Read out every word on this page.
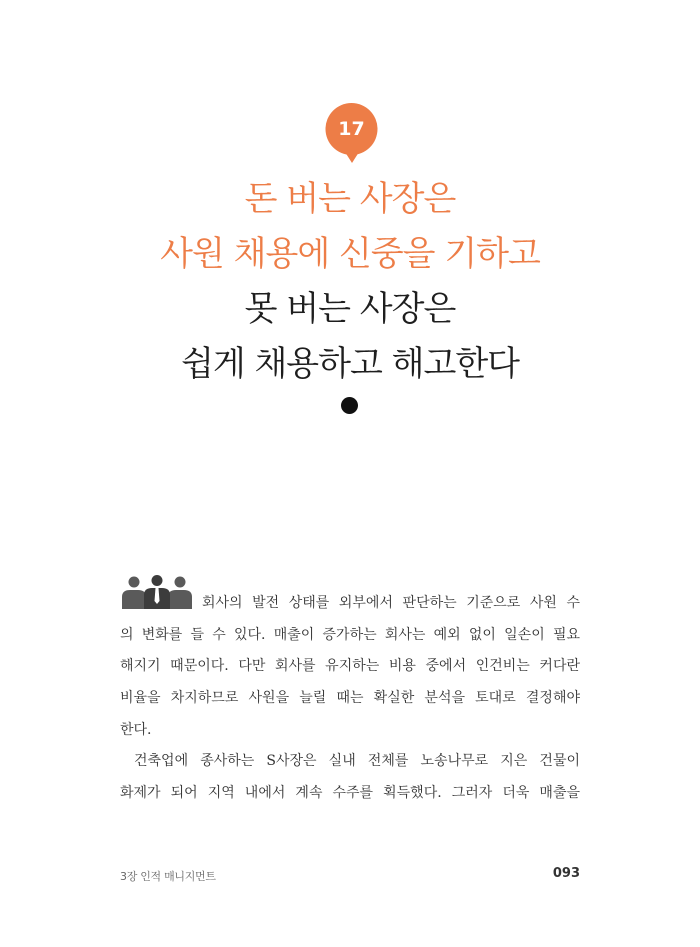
17
돈 버는 사장은
사원 채용에 신중을 기하고
못 버는 사장은
쉽게 채용하고 해고한다
회사의 발전 상태를 외부에서 판단하는 기준으로 사원 수
의 변화를 들 수 있다. 매출이 증가하는 회사는 예외 없이 일손이 필요
해지기 때문이다. 다만 회사를 유지하는 비용 중에서 인건비는 커다란
비율을 차지하므로 사원을 늘릴 때는 확실한 분석을 토대로 결정해야
한다.
건축업에 종사하는 S사장은 실내 전체를 노송나무로 지은 건물이
화제가 되어 지역 내에서 계속 수주를 획득했다. 그러자 더욱 매출을
3장 인적 매니지먼트	093
